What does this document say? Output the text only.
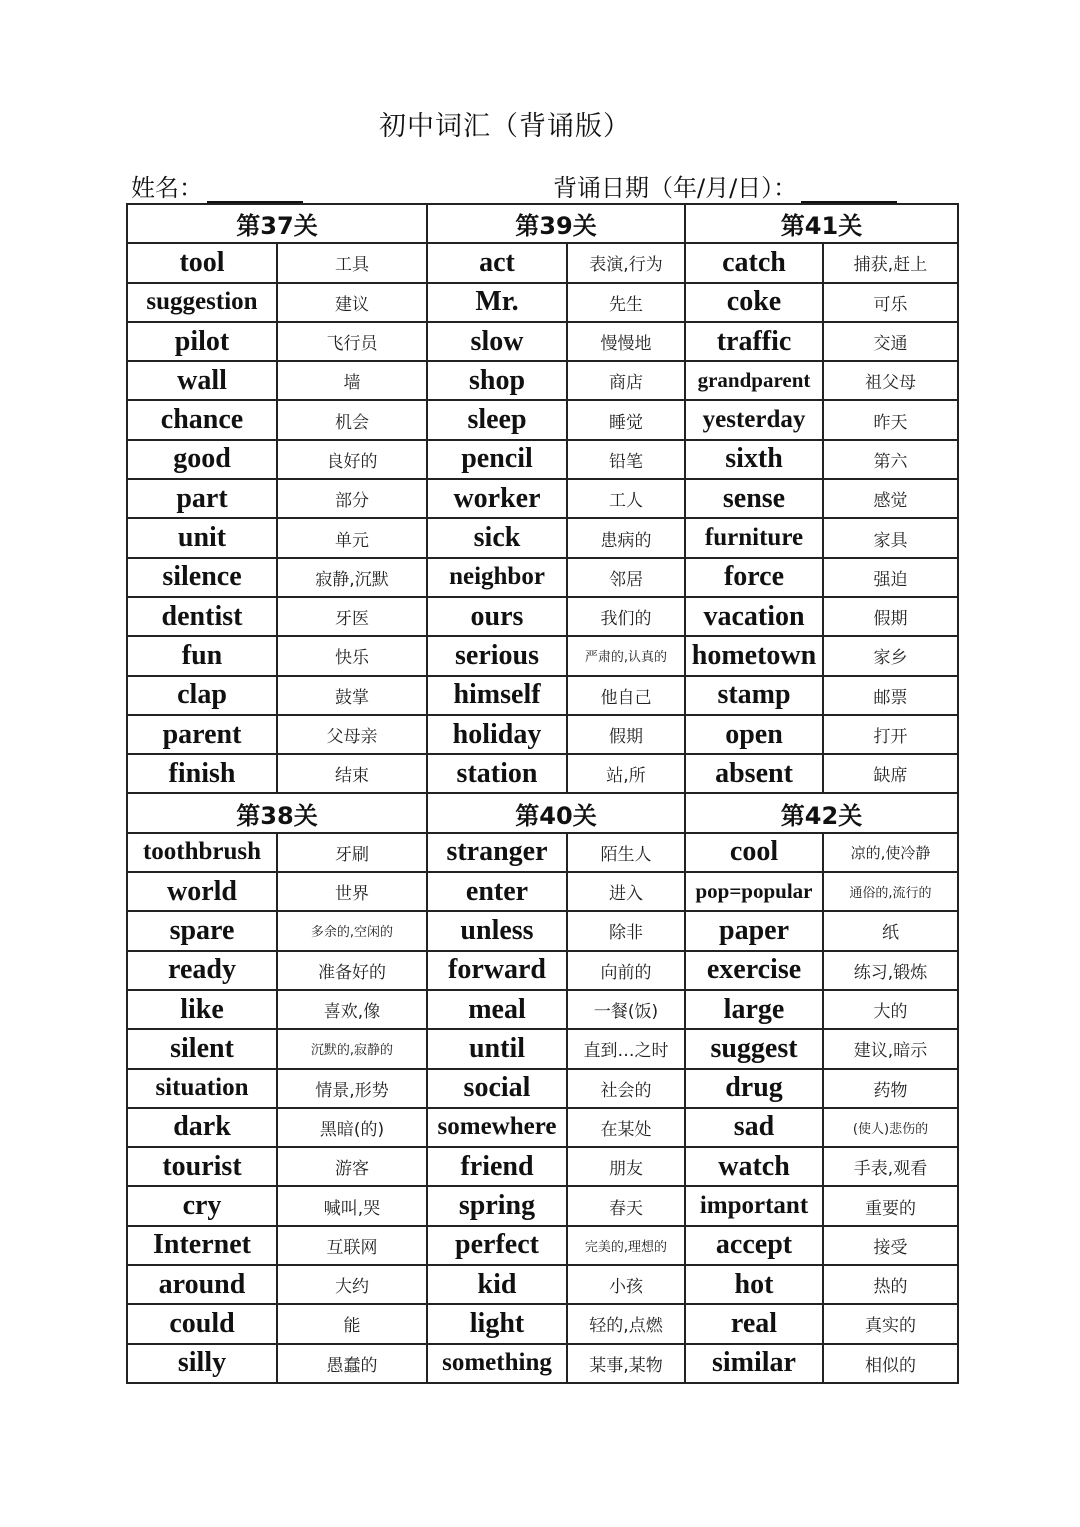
初中词汇（背诵版）
姓名：	背诵日期（年/月/日）：
第37关		第39关		第41关	
tool	工具	act	表演,行为	catch	捕获,赶上
suggestion	建议	Mr.	先生	coke	可乐
pilot	飞行员	slow	慢慢地	traffic	交通
wall	墙	shop	商店	grandparent	祖父母
chance	机会	sleep	睡觉	yesterday	昨天
good	良好的	pencil	铅笔	sixth	第六
part	部分	worker	工人	sense	感觉
unit	单元	sick	患病的	furniture	家具
silence	寂静,沉默	neighbor	邻居	force	强迫
dentist	牙医	ours	我们的	vacation	假期
fun	快乐	serious	严肃的,认真的	hometown	家乡
clap	鼓掌	himself	他自己	stamp	邮票
parent	父母亲	holiday	假期	open	打开
finish	结束	station	站,所	absent	缺席
第38关		第40关		第42关	
toothbrush	牙刷	stranger	陌生人	cool	凉的,使冷静
world	世界	enter	进入	pop=popular	通俗的,流行的
spare	多余的,空闲的	unless	除非	paper	纸
ready	准备好的	forward	向前的	exercise	练习,锻炼
like	喜欢,像	meal	一餐(饭)	large	大的
silent	沉默的,寂静的	until	直到…之时	suggest	建议,暗示
situation	情景,形势	social	社会的	drug	药物
dark	黑暗(的)	somewhere	在某处	sad	(使人)悲伤的
tourist	游客	friend	朋友	watch	手表,观看
cry	喊叫,哭	spring	春天	important	重要的
Internet	互联网	perfect	完美的,理想的	accept	接受
around	大约	kid	小孩	hot	热的
could	能	light	轻的,点燃	real	真实的
silly	愚蠢的	something	某事,某物	similar	相似的
